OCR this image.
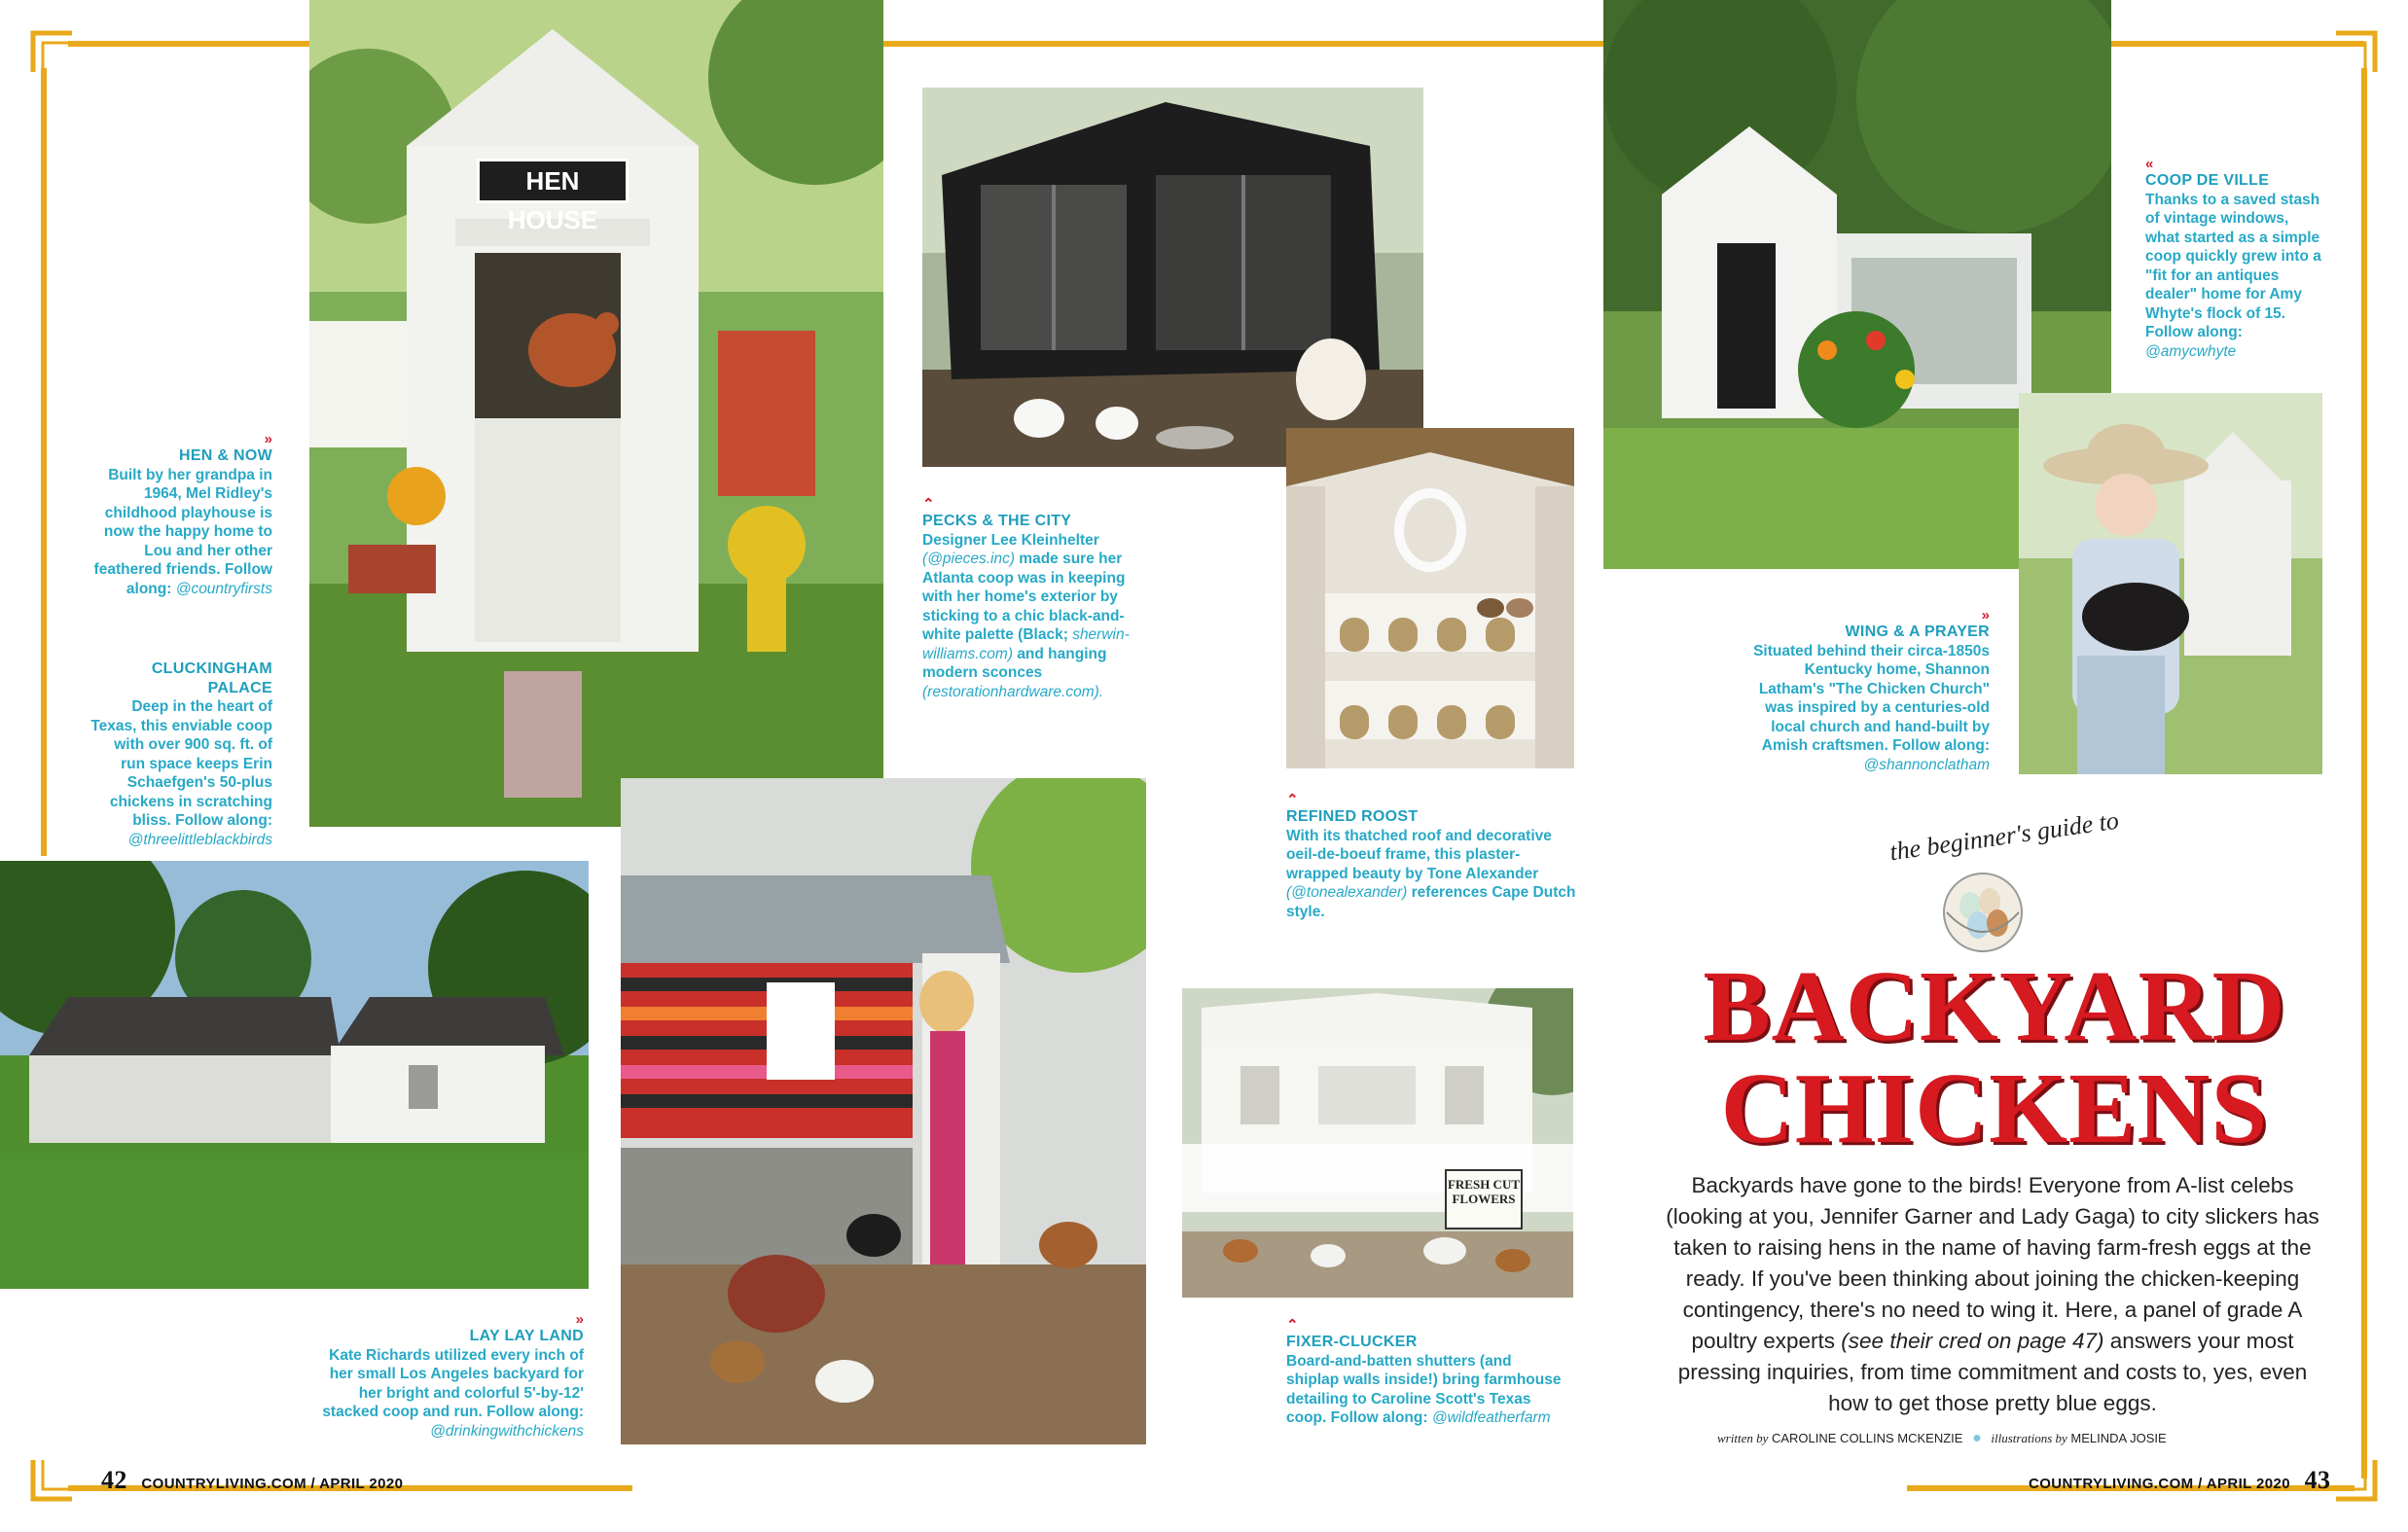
HEN HOUSE
FRESH CUT FLOWERS
»
HEN & NOW
Built by her grandpa in 1964, Mel Ridley's childhood playhouse is now the happy home to Lou and her other feathered friends. Follow along: @countryfirsts
CLUCKINGHAM PALACE
Deep in the heart of Texas, this enviable coop with over 900 sq. ft. of run space keeps Erin Schaefgen's 50-plus chickens in scratching bliss. Follow along: @threelittleblackbirds
⌃
PECKS & THE CITY
Designer Lee Kleinhelter (@pieces.inc) made sure her Atlanta coop was in keeping with her home's exterior by sticking to a chic black-and-white palette (Black; sherwin-williams.com) and hanging modern sconces (restorationhardware.com).
⌃
REFINED ROOST
With its thatched roof and decorative oeil-de-boeuf frame, this plaster-wrapped beauty by Tone Alexander (@tonealexander) references Cape Dutch style.
»
LAY LAY LAND
Kate Richards utilized every inch of her small Los Angeles backyard for her bright and colorful 5'-by-12' stacked coop and run. Follow along: @drinkingwithchickens
⌃
FIXER-CLUCKER
Board-and-batten shutters (and shiplap walls inside!) bring farmhouse detailing to Caroline Scott's Texas coop. Follow along: @wildfeatherfarm
«
COOP DE VILLE
Thanks to a saved stash of vintage windows, what started as a simple coop quickly grew into a "fit for an antiques dealer" home for Amy Whyte's flock of 15. Follow along: @amycwhyte
»
WING & A PRAYER
Situated behind their circa-1850s Kentucky home, Shannon Latham's "The Chicken Church" was inspired by a centuries-old local church and hand-built by Amish craftsmen. Follow along: @shannonclatham
the beginner's guide to
BACKYARD
CHICKENS
Backyards have gone to the birds! Everyone from A-list celebs (looking at you, Jennifer Garner and Lady Gaga) to city slickers has taken to raising hens in the name of having farm-fresh eggs at the ready. If you've been thinking about joining the chicken-keeping contingency, there's no need to wing it. Here, a panel of grade A poultry experts (see their cred on page 47) answers your most pressing inquiries, from time commitment and costs to, yes, even how to get those pretty blue eggs.
written by CAROLINE COLLINS MCKENZIE ● illustrations by MELINDA JOSIE
42 COUNTRYLIVING.COM / APRIL 2020	COUNTRYLIVING.COM / APRIL 2020 43
